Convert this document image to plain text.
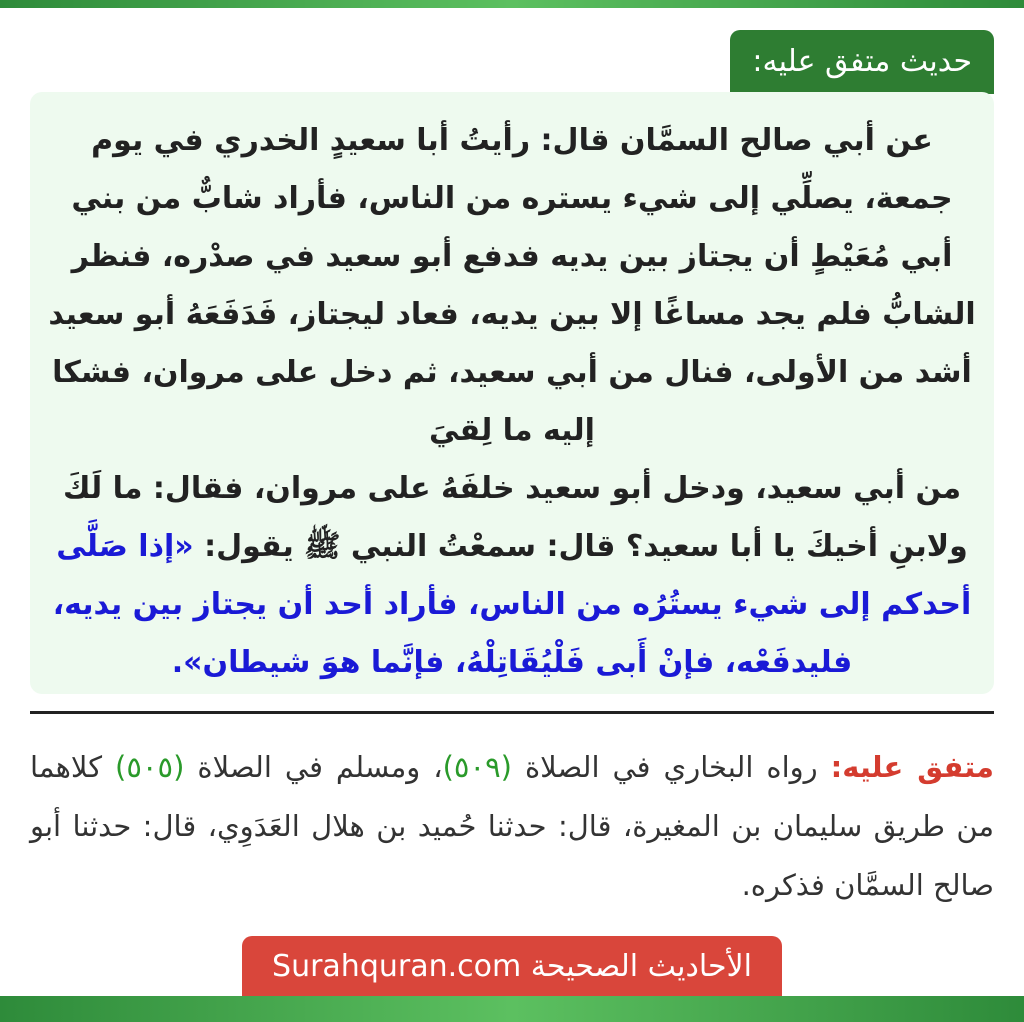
حديث متفق عليه:

عن أبي صالح السمَّان قال: رأيتُ أبا سعيدٍ الخدري في يوم جمعة، يصلِّي إلى شيء يستره من الناس، فأراد شابٌّ من بني أبي مُعَيْطٍ أن يجتاز بين يديه فدفع أبو سعيد في صدْره، فنظر الشابُّ فلم يجد مساغًا إلا بين يديه، فعاد ليجتاز، فَدَفَعَهُ أبو سعيد أشد من الأولى، فنال من أبي سعيد، ثم دخل على مروان، فشكا إليه ما لِقيَ

من أبي سعيد، ودخل أبو سعيد خلفَهُ على مروان، فقال: ما لَكَ ولابنِ أخيكَ يا أبا سعيد؟ قال: سمعْتُ النبي ﷺ يقول: «إذا صَلَّى أحدكم إلى شيء يستُرُه من الناس، فأراد أحد أن يجتاز بين يديه، فليدفَعْه، فإنْ أَبى فَلْيُقَاتِلْهُ، فإنَّما هوَ شيطان».

متفق عليه: رواه البخاري في الصلاة (٥٠٩)، ومسلم في الصلاة (٥٠٥) كلاهما من طريق سليمان بن المغيرة، قال: حدثنا حُميد بن هلال العَدَوِي، قال: حدثنا أبو صالح السمَّان فذكره.

الأحاديث الصحيحة Surahquran.com
